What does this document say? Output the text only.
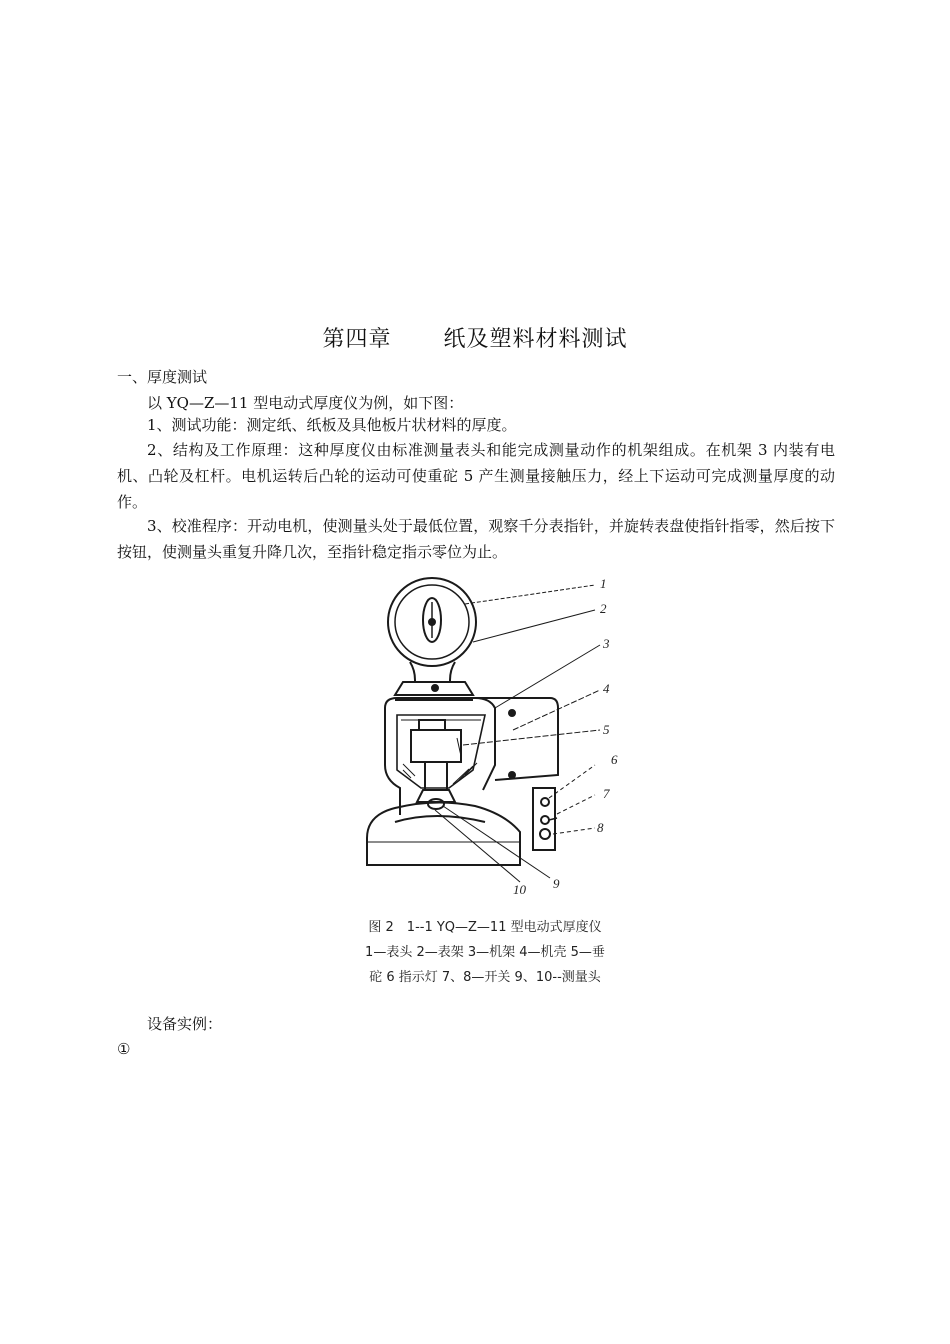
第四章 纸及塑料材料测试
一、厚度测试
以 YQ—Z—11 型电动式厚度仪为例，如下图：
1、测试功能：测定纸、纸板及具他板片状材料的厚度。
2、结构及工作原理：这种厚度仪由标准测量表头和能完成测量动作的机架组成。在机架 3 内装有电机、凸轮及杠杆。电机运转后凸轮的运动可使重砣 5 产生测量接触压力，经上下运动可完成测量厚度的动作。
3、校准程序：开动电机，使测量头处于最低位置，观察千分表指针，并旋转表盘使指针指零，然后按下按钮，使测量头重复升降几次，至指针稳定指示零位为止。
1
2
3
4
5
6
7
8
9
10
图 2　1--1 YQ—Z—11 型电动式厚度仪
1—表头 2—表架 3—机架 4—机壳 5—垂
砣 6 指示灯 7、8—开关 9、10--测量头
设备实例：
①
